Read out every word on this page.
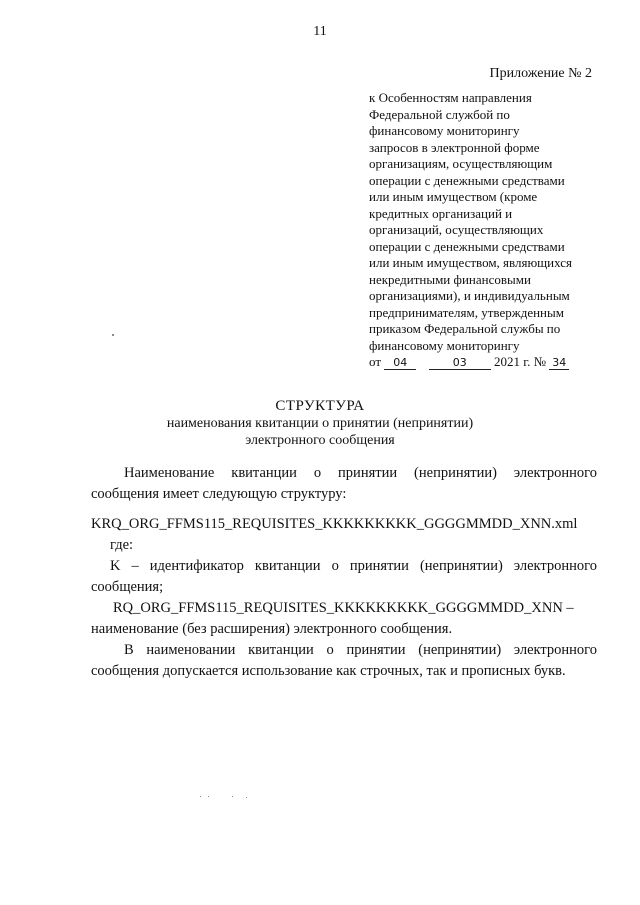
11
Приложение № 2
к Особенностям направления
Федеральной службой по
финансовому мониторингу
запросов в электронной форме
организациям, осуществляющим
операции с денежными средствами
или иным имуществом (кроме
кредитных организаций и
организаций, осуществляющих
операции с денежными средствами
или иным имуществом, являющихся
некредитными финансовыми
организациями), и индивидуальным
предпринимателям, утвержденным
приказом Федеральной службы по
финансовому мониторингу
от 04	03 2021 г. № 34
СТРУКТУРА
наименования квитанции о принятии (непринятии)
электронного сообщения

Наименование квитанции о принятии (непринятии) электронного сообщения имеет следующую структуру:

KRQ_ORG_FFMS115_REQUISITES_KKKKKKKKK_GGGGMMDD_XNN.xml
где:

K – идентификатор квитанции о принятии (непринятии) электронного сообщения;

RQ_ORG_FFMS115_REQUISITES_KKKKKKKKK_GGGGMMDD_XNN –
наименование (без расширения) электронного сообщения.

В наименовании квитанции о принятии (непринятии) электронного сообщения допускается использование как строчных, так и прописных букв.
